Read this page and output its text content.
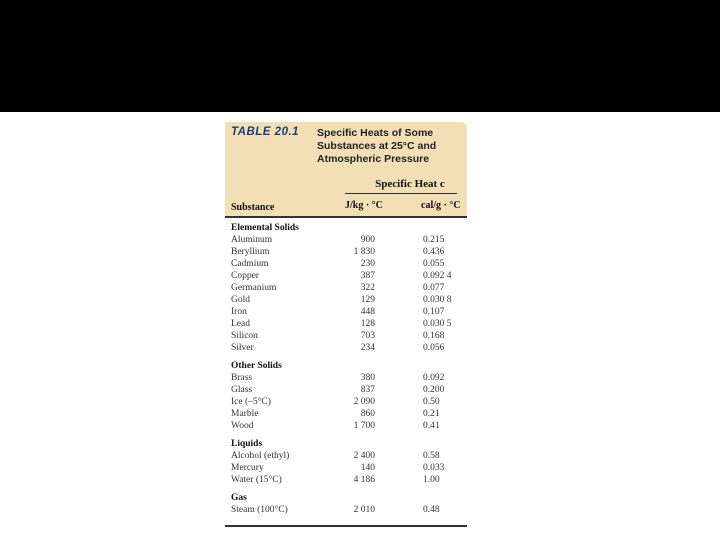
TABLE 20.1 Specific Heats of Some Substances at 25°C and Atmospheric Pressure
Specific Heat c
Substance	J/kg · °C	cal/g · °C
Elemental Solids
Aluminum	900	0.215
Beryllium	1 830	0.436
Cadmium	230	0.055
Copper	387	0.092 4
Germanium	322	0.077
Gold	129	0.030 8
Iron	448	0.107
Lead	128	0.030 5
Silicon	703	0.168
Silver	234	0.056
Other Solids
Brass	380	0.092
Glass	837	0.200
Ice (–5°C)	2 090	0.50
Marble	860	0.21
Wood	1 700	0.41
Liquids
Alcohol (ethyl)	2 400	0.58
Mercury	140	0.033
Water (15°C)	4 186	1.00
Gas
Steam (100°C)	2 010	0.48
